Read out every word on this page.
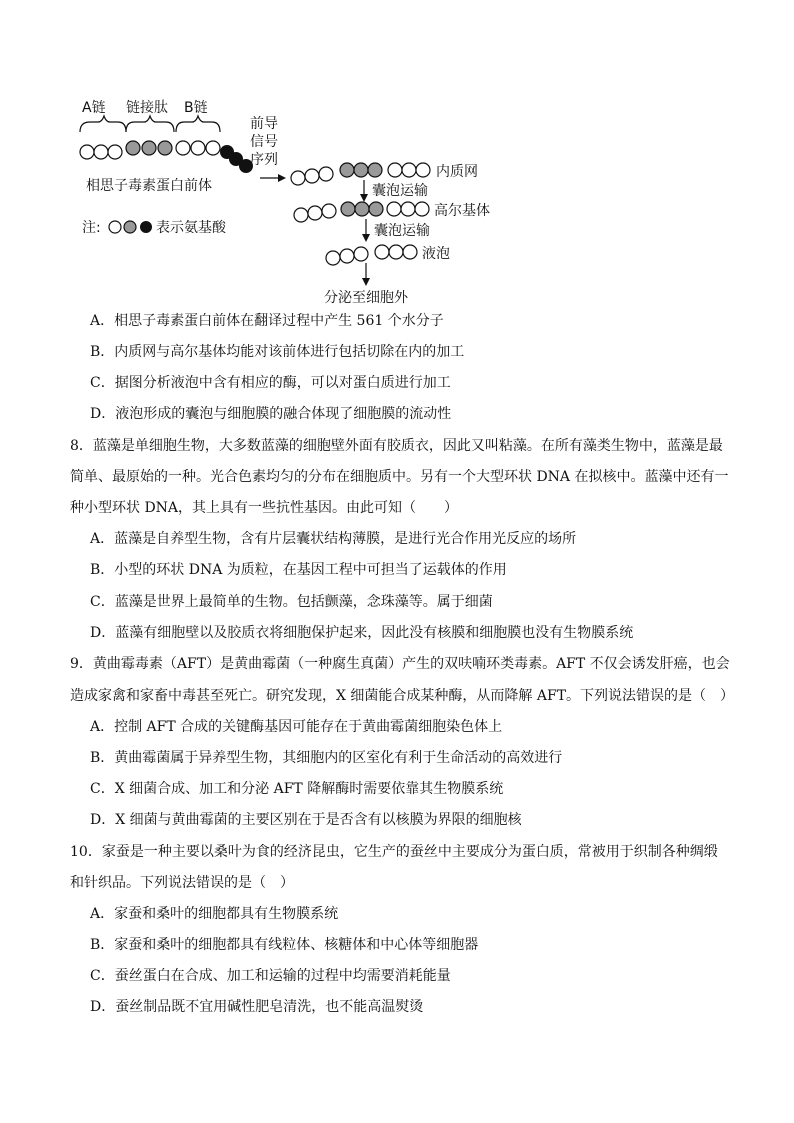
A链 链接肽 B链
前导
信号
序列
相思子毒素蛋白前体
注:	表示氨基酸
内质网
囊泡运输
高尔基体
囊泡运输
液泡
分泌至细胞外
A．相思子毒素蛋白前体在翻译过程中产生 561 个水分子
B．内质网与高尔基体均能对该前体进行包括切除在内的加工
C．据图分析液泡中含有相应的酶，可以对蛋白质进行加工
D．液泡形成的囊泡与细胞膜的融合体现了细胞膜的流动性
8．蓝藻是单细胞生物，大多数蓝藻的细胞壁外面有胶质衣，因此又叫粘藻。在所有藻类生物中，蓝藻是最
简单、最原始的一种。光合色素均匀的分布在细胞质中。另有一个大型环状 DNA 在拟核中。蓝藻中还有一
种小型环状 DNA，其上具有一些抗性基因。由此可知（　　）
A．蓝藻是自养型生物，含有片层囊状结构薄膜，是进行光合作用光反应的场所
B．小型的环状 DNA 为质粒，在基因工程中可担当了运载体的作用
C．蓝藻是世界上最简单的生物。包括颤藻，念珠藻等。属于细菌
D．蓝藻有细胞壁以及胶质衣将细胞保护起来，因此没有核膜和细胞膜也没有生物膜系统
9．黄曲霉毒素（AFT）是黄曲霉菌（一种腐生真菌）产生的双呋喃环类毒素。AFT 不仅会诱发肝癌，也会
造成家禽和家畜中毒甚至死亡。研究发现，X 细菌能合成某种酶，从而降解 AFT。下列说法错误的是（　）
A．控制 AFT 合成的关键酶基因可能存在于黄曲霉菌细胞染色体上
B．黄曲霉菌属于异养型生物，其细胞内的区室化有利于生命活动的高效进行
C．X 细菌合成、加工和分泌 AFT 降解酶时需要依靠其生物膜系统
D．X 细菌与黄曲霉菌的主要区别在于是否含有以核膜为界限的细胞核
10．家蚕是一种主要以桑叶为食的经济昆虫，它生产的蚕丝中主要成分为蛋白质，常被用于织制各种绸缎
和针织品。下列说法错误的是（　）
A．家蚕和桑叶的细胞都具有生物膜系统
B．家蚕和桑叶的细胞都具有线粒体、核糖体和中心体等细胞器
C．蚕丝蛋白在合成、加工和运输的过程中均需要消耗能量
D．蚕丝制品既不宜用碱性肥皂清洗，也不能高温熨烫
